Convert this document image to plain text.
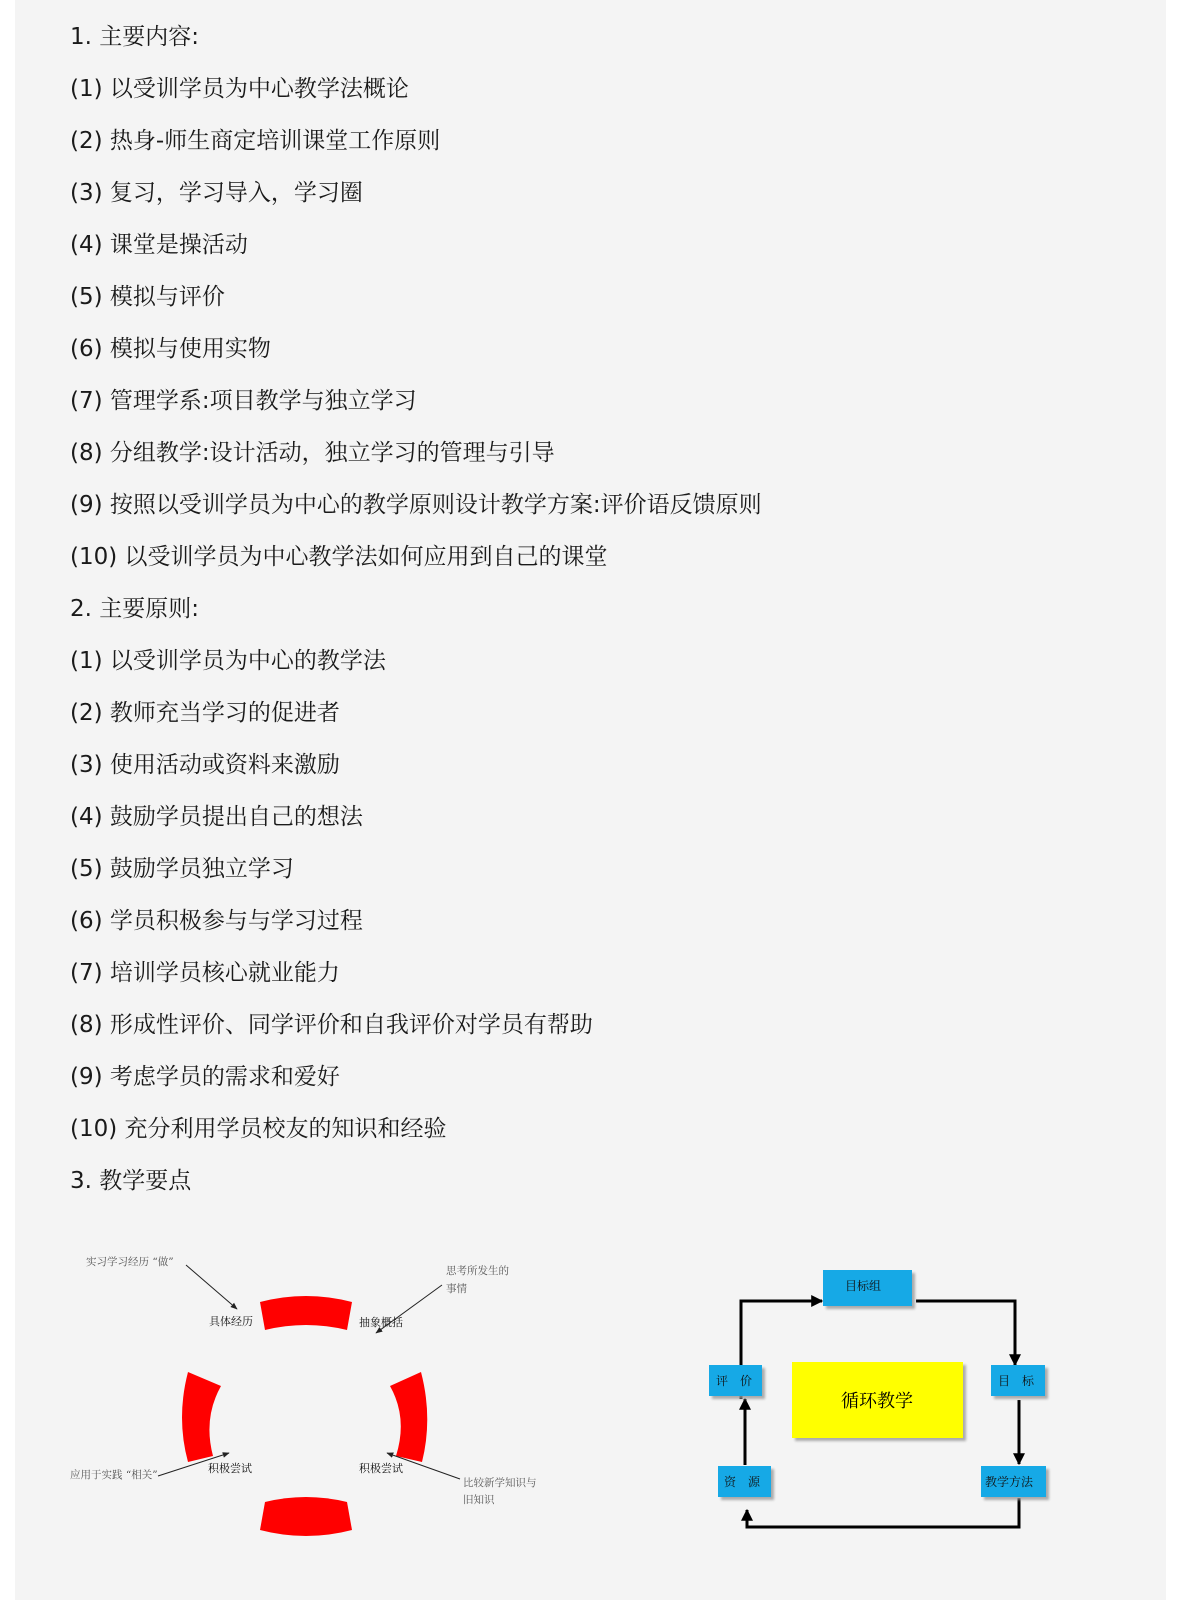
1. 主要内容:
(1) 以受训学员为中心教学法概论
(2) 热身-师生商定培训课堂工作原则
(3) 复习，学习导入，学习圈
(4) 课堂是操活动
(5) 模拟与评价
(6) 模拟与使用实物
(7) 管理学系:项目教学与独立学习
(8) 分组教学:设计活动，独立学习的管理与引导
(9) 按照以受训学员为中心的教学原则设计教学方案:评价语反馈原则
(10) 以受训学员为中心教学法如何应用到自己的课堂
2. 主要原则:
(1) 以受训学员为中心的教学法
(2) 教师充当学习的促进者
(3) 使用活动或资料来激励
(4) 鼓励学员提出自己的想法
(5) 鼓励学员独立学习
(6) 学员积极参与与学习过程
(7) 培训学员核心就业能力
(8) 形成性评价、同学评价和自我评价对学员有帮助
(9) 考虑学员的需求和爱好
(10) 充分利用学员校友的知识和经验
3. 教学要点
具体经历	抽象概括
积极尝试	积极尝试
实习学习经历 “做”
思考所发生的
事情
应用于实践 “相关”
比较新学知识与
旧知识
目标组
评　价	目　标
资　源	教学方法
循环教学
